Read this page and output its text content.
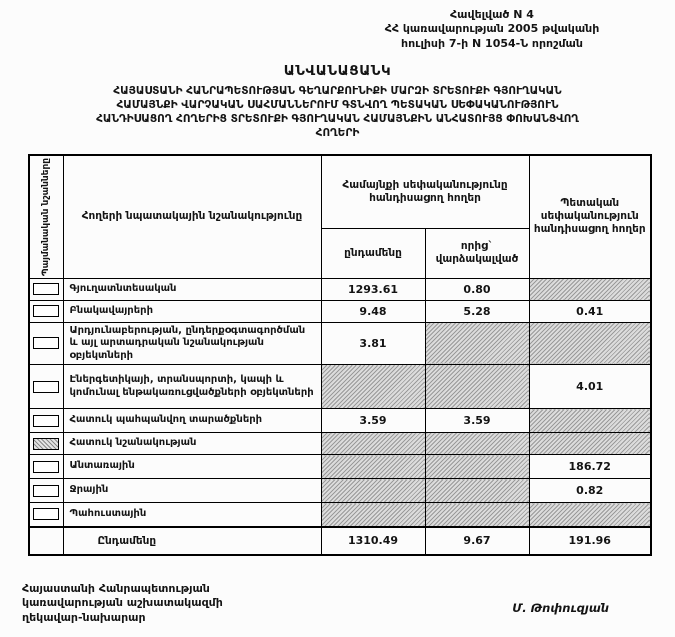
Հավելված N 4
ՀՀ կառավարության 2005 թվականի
հուլիսի 7-ի N 1054-Ն որոշման
ԱՆՎԱՆԱՑԱՆԿ
ՀԱՅԱՍՏԱՆԻ ՀԱՆՐԱՊԵՏՈՒԹՅԱՆ ԳԵՂԱՐՔՈՒՆԻՔԻ ՄԱՐԶԻ ՏՐԵՏՈՒՔԻ ԳՅՈՒՂԱԿԱՆ
ՀԱՄԱՅՆՔԻ ՎԱՐՉԱԿԱՆ ՍԱՀՄԱՆՆԵՐՈՒՄ ԳՏՆՎՈՂ ՊԵՏԱԿԱՆ ՍԵՓԱԿԱՆՈՒԹՅՈՒՆ
ՀԱՆԴԻՍԱՑՈՂ ՀՈՂԵՐԻՑ ՏՐԵՏՈՒՔԻ ԳՅՈՒՂԱԿԱՆ ՀԱՄԱՅՆՔԻՆ ԱՆՀԱՏՈՒՅՑ ՓՈԽԱՆՑՎՈՂ
ՀՈՂԵՐԻ
Պայմանական նշանները	Հողերի նպատակային նշանակությունը	Համայնքի սեփականությունը հանդիսացող հողեր		Պետական սեփականություն հանդիսացող հողեր
		ընդամենը	որից` վարձակալված	

	Գյուղատնտեսական	1293.61	0.80	

	Բնակավայրերի	9.48	5.28	0.41

	Արդյունաբերության, ընդերքօգտագործման և այլ արտադրական նշանակության օբյեկտների	3.81		

	Էներգետիկայի, տրանսպորտի, կապի և կոմունալ ենթակառուցվածքների օբյեկտների			4.01

	Հատուկ պահպանվող տարածքների	3.59	3.59	

	Հատուկ նշանակության			

	Անտառային			186.72

	Ջրային			0.82

	Պահուստային			
	Ընդամենը	1310.49	9.67	191.96
Հայաստանի Հանրապետության
կառավարության աշխատակազմի
ղեկավար-նախարար
Մ. Թոփուզյան
